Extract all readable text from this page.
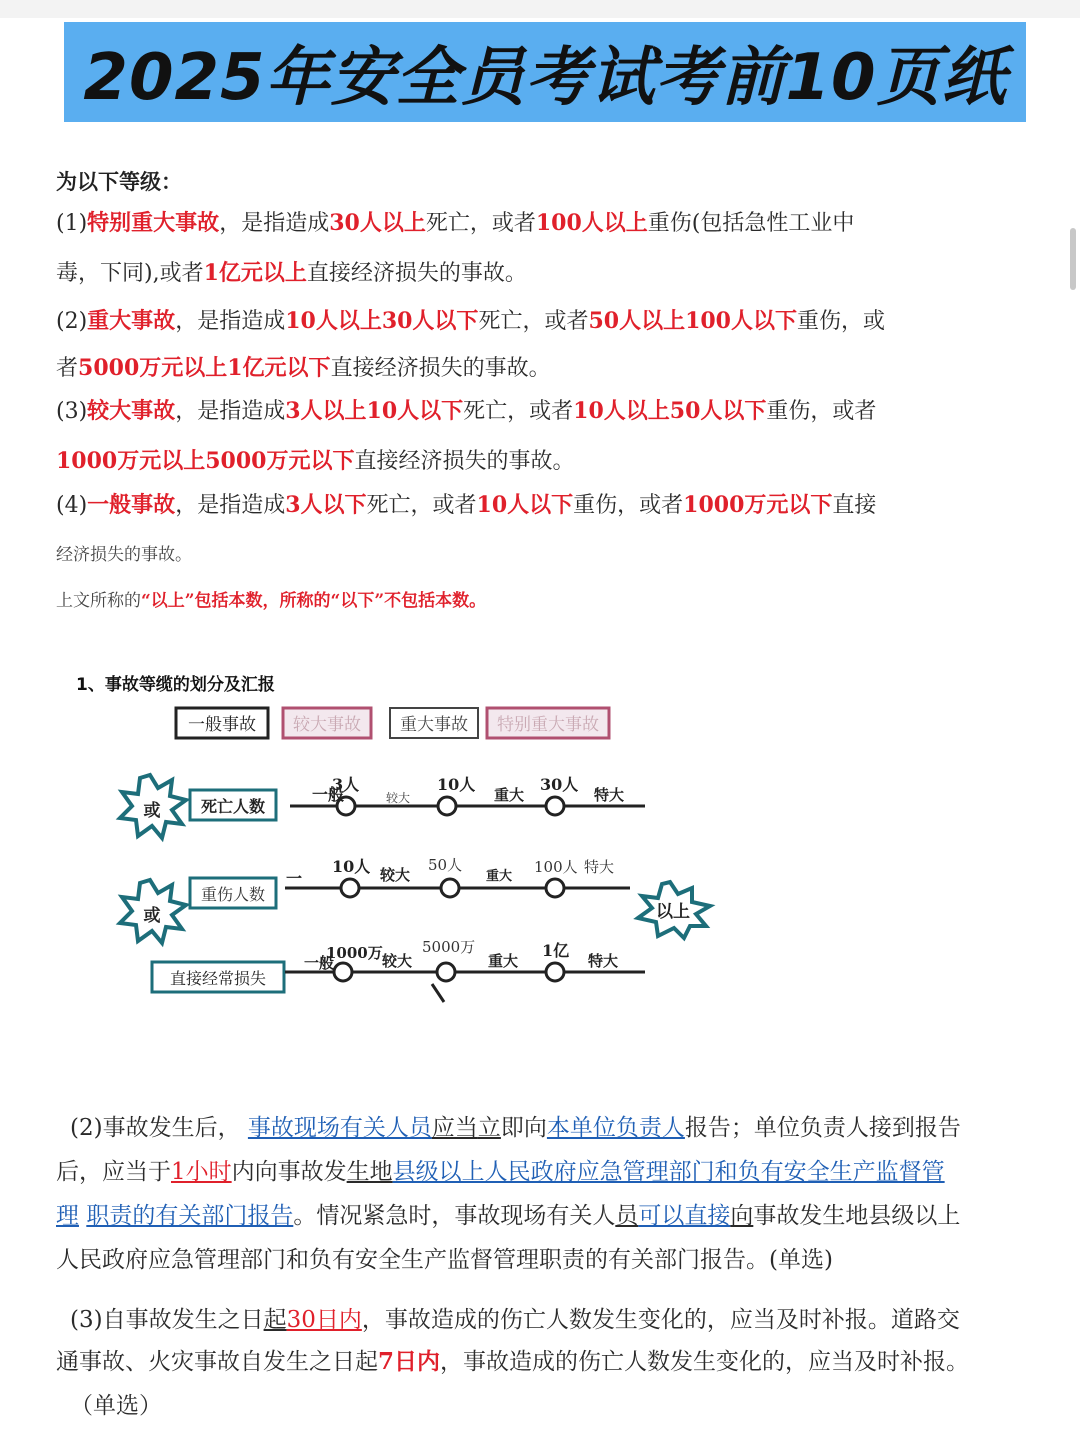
2025年安全员考试考前10页纸
为以下等级：
(1)特别重大事故，是指造成30人以上死亡，或者100人以上重伤(包括急性工业中
毒，下同),或者1亿元以上直接经济损失的事故。
(2)重大事故，是指造成10人以上30人以下死亡，或者50人以上100人以下重伤，或
者5000万元以上1亿元以下直接经济损失的事故。
(3)较大事故，是指造成3人以上10人以下死亡，或者10人以上50人以下重伤，或者
1000万元以上5000万元以下直接经济损失的事故。
(4)一般事故，是指造成3人以下死亡，或者10人以下重伤，或者1000万元以下直接
经济损失的事故。
上文所称的“以上”包括本数，所称的“以下”不包括本数。
1、事故等缆的划分及汇报
一般事故 较大事故 重大事故 特别重大事故
或
或	以上
死亡人数
重伤人数
直接经常损失
一般
3人
较大
10人
重大
30人
特大
一
10人 较大
50人
重大
100人 特大
一般
1000万 较大
5000万
重大
1亿
特大
(2)事故发生后， 事故现场有关人员应当立即向本单位负责人报告；单位负责人接到报告
后，应当于1小时内向事故发生地县级以上人民政府应急管理部门和负有安全生产监督管
理 职责的有关部门报告。情况紧急时，事故现场有关人员可以直接向事故发生地县级以上
人民政府应急管理部门和负有安全生产监督管理职责的有关部门报告。(单选)
(3)自事故发生之日起30日内，事故造成的伤亡人数发生变化的，应当及时补报。道路交
通事故、火灾事故自发生之日起7日内，事故造成的伤亡人数发生变化的，应当及时补报。
（单选）
